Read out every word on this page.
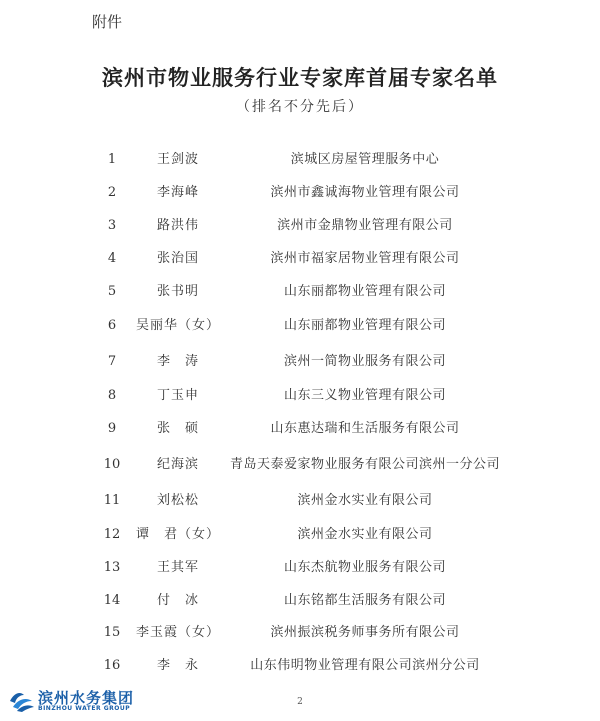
附件
滨州市物业服务行业专家库首届专家名单
（排名不分先后）
1	王剑波	滨城区房屋管理服务中心
2	李海峰	滨州市鑫诚海物业管理有限公司
3	路洪伟	滨州市金鼎物业管理有限公司
4	张治国	滨州市福家居物业管理有限公司
5	张书明	山东丽都物业管理有限公司
6	吴丽华（女）	山东丽都物业管理有限公司
7	李　涛	滨州一简物业服务有限公司
8	丁玉申	山东三义物业管理有限公司
9	张　硕	山东惠达瑞和生活服务有限公司
10	纪海滨	青岛天泰爱家物业服务有限公司滨州一分公司
11	刘松松	滨州金水实业有限公司
12	谭　君（女）	滨州金水实业有限公司
13	王其军	山东杰航物业服务有限公司
14	付　冰	山东铭都生活服务有限公司
15	李玉霞（女）	滨州振滨税务师事务所有限公司
16	李　永	山东伟明物业管理有限公司滨州分公司
滨州水务集团
BINZHOU WATER GROUP
2
